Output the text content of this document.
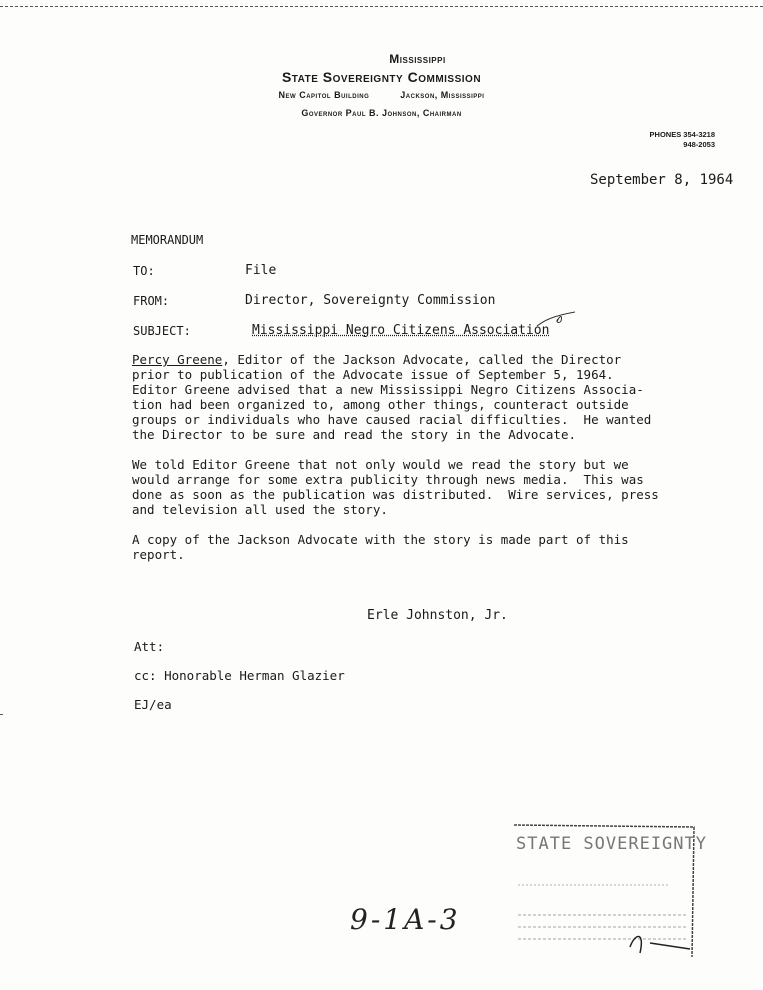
Mississippi
State Sovereignty Commission
New Capitol Building	Jackson, Mississippi
Governor Paul B. Johnson, Chairman
PHONES 354-3218
948-2053
September 8, 1964
MEMORANDUM
TO:	File
FROM:	Director, Sovereignty Commission
SUBJECT:	Mississippi Negro Citizens Association
Percy Greene, Editor of the Jackson Advocate, called the Director
prior to publication of the Advocate issue of September 5, 1964.
Editor Greene advised that a new Mississippi Negro Citizens Associa-
tion had been organized to, among other things, counteract outside
groups or individuals who have caused racial difficulties.  He wanted
the Director to be sure and read the story in the Advocate.
We told Editor Greene that not only would we read the story but we
would arrange for some extra publicity through news media.  This was
done as soon as the publication was distributed.  Wire services, press
and television all used the story.
A copy of the Jackson Advocate with the story is made part of this
report.
Erle Johnston, Jr.
Att:
cc: Honorable Herman Glazier
EJ/ea
9-1A-3
STATE SOVEREIGNTY
